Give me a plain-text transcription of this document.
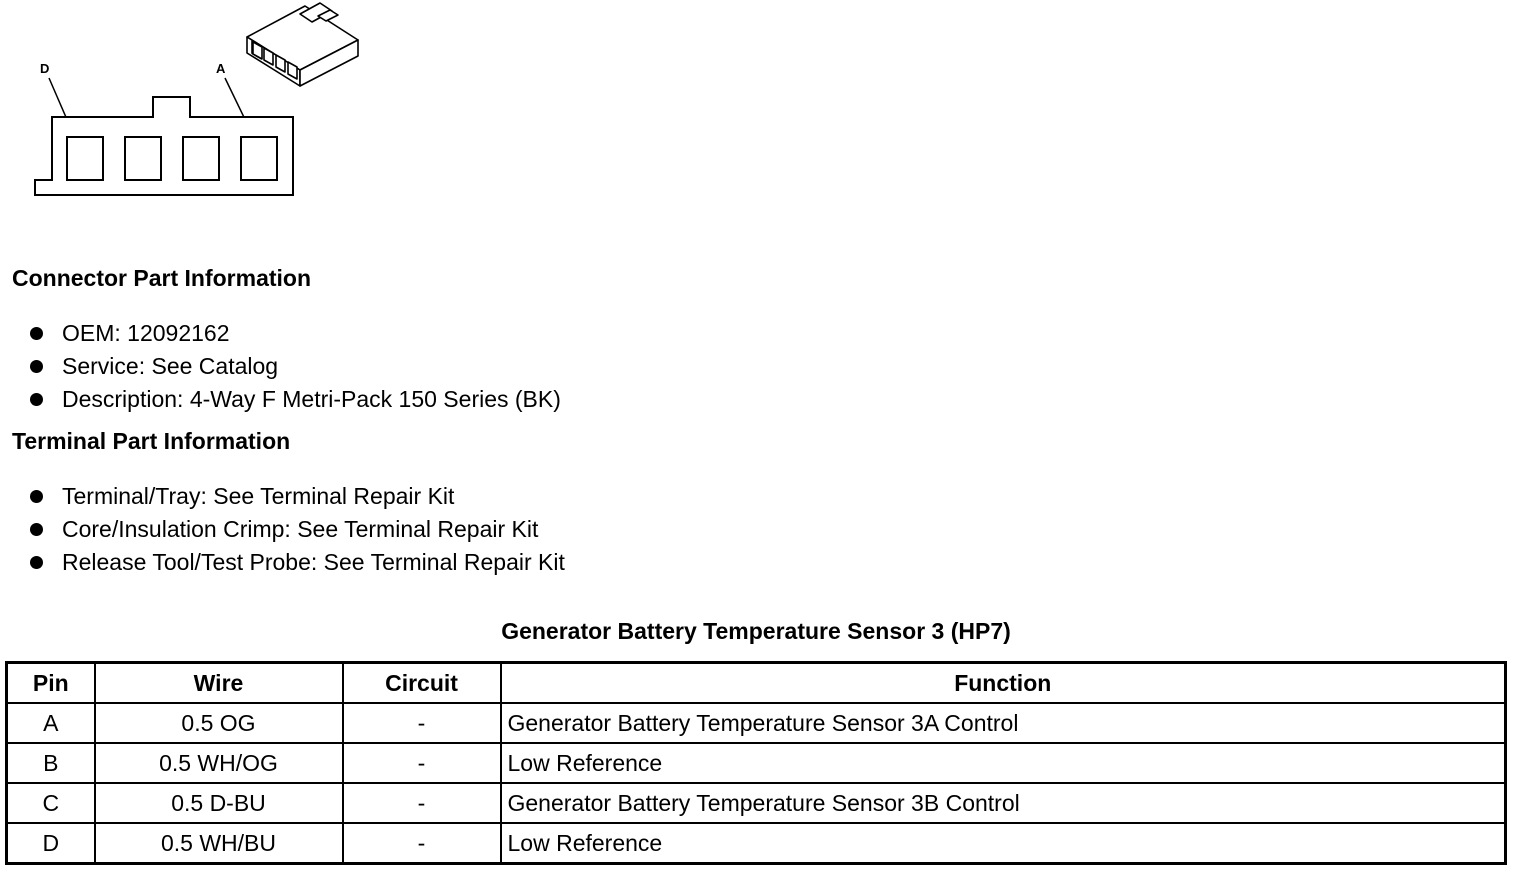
D	A
Connector Part Information
OEM: 12092162
Service: See Catalog
Description: 4-Way F Metri-Pack 150 Series (BK)
Terminal Part Information
Terminal/Tray: See Terminal Repair Kit
Core/Insulation Crimp: See Terminal Repair Kit
Release Tool/Test Probe: See Terminal Repair Kit
Generator Battery Temperature Sensor 3 (HP7)
Pin	Wire	Circuit	Function
A	0.5 OG	-	Generator Battery Temperature Sensor 3A Control
B	0.5 WH/OG	-	Low Reference
C	0.5 D-BU	-	Generator Battery Temperature Sensor 3B Control
D	0.5 WH/BU	-	Low Reference
